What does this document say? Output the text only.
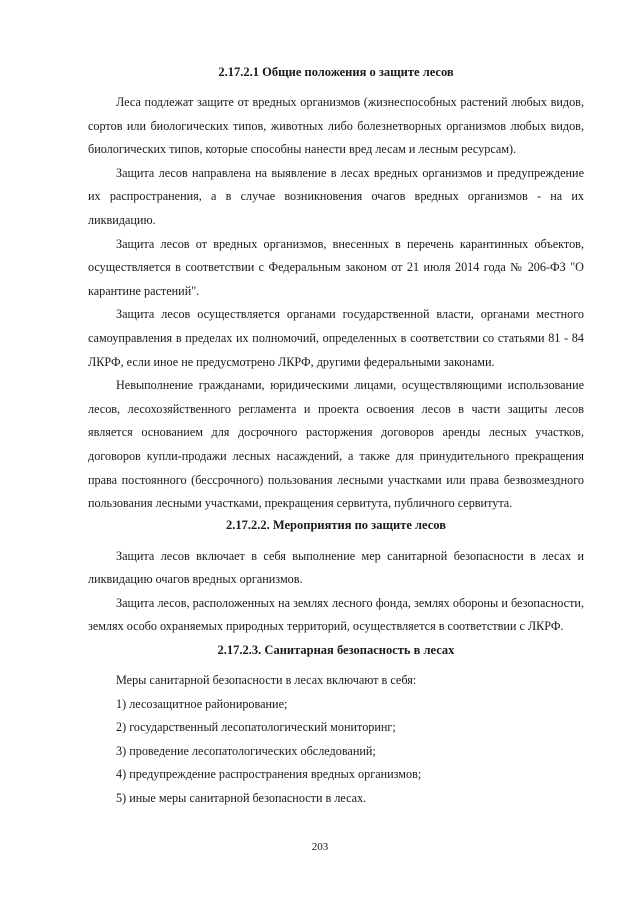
2.17.2.1 Общие положения о защите лесов

Леса подлежат защите от вредных организмов (жизнеспособных растений любых видов, сортов или биологических типов, животных либо болезнетворных организмов любых видов, биологических типов, которые способны нанести вред лесам и лесным ресурсам).

Защита лесов направлена на выявление в лесах вредных организмов и предупреждение их распространения, а в случае возникновения очагов вредных организмов - на их ликвидацию.

Защита лесов от вредных организмов, внесенных в перечень карантинных объектов, осуществляется в соответствии с Федеральным законом от 21 июля 2014 года № 206-ФЗ "О карантине растений".

Защита лесов осуществляется органами государственной власти, органами местного самоуправления в пределах их полномочий, определенных в соответствии со статьями 81 - 84 ЛКРФ, если иное не предусмотрено ЛКРФ, другими федеральными законами.

Невыполнение гражданами, юридическими лицами, осуществляющими использование лесов, лесохозяйственного регламента и проекта освоения лесов в части защиты лесов является основанием для досрочного расторжения договоров аренды лесных участков, договоров купли-продажи лесных насаждений, а также для принудительного прекращения права постоянного (бессрочного) пользования лесными участками или права безвозмездного пользования лесными участками, прекращения сервитута, публичного сервитута.

2.17.2.2. Мероприятия по защите лесов

Защита лесов включает в себя выполнение мер санитарной безопасности в лесах и ликвидацию очагов вредных организмов.

Защита лесов, расположенных на землях лесного фонда, землях обороны и безопасности, землях особо охраняемых природных территорий, осуществляется в соответствии с ЛКРФ.

2.17.2.3. Санитарная безопасность в лесах

Меры санитарной безопасности в лесах включают в себя:

1) лесозащитное районирование;
2) государственный лесопатологический мониторинг;
3) проведение лесопатологических обследований;
4) предупреждение распространения вредных организмов;
5) иные меры санитарной безопасности в лесах.
203
